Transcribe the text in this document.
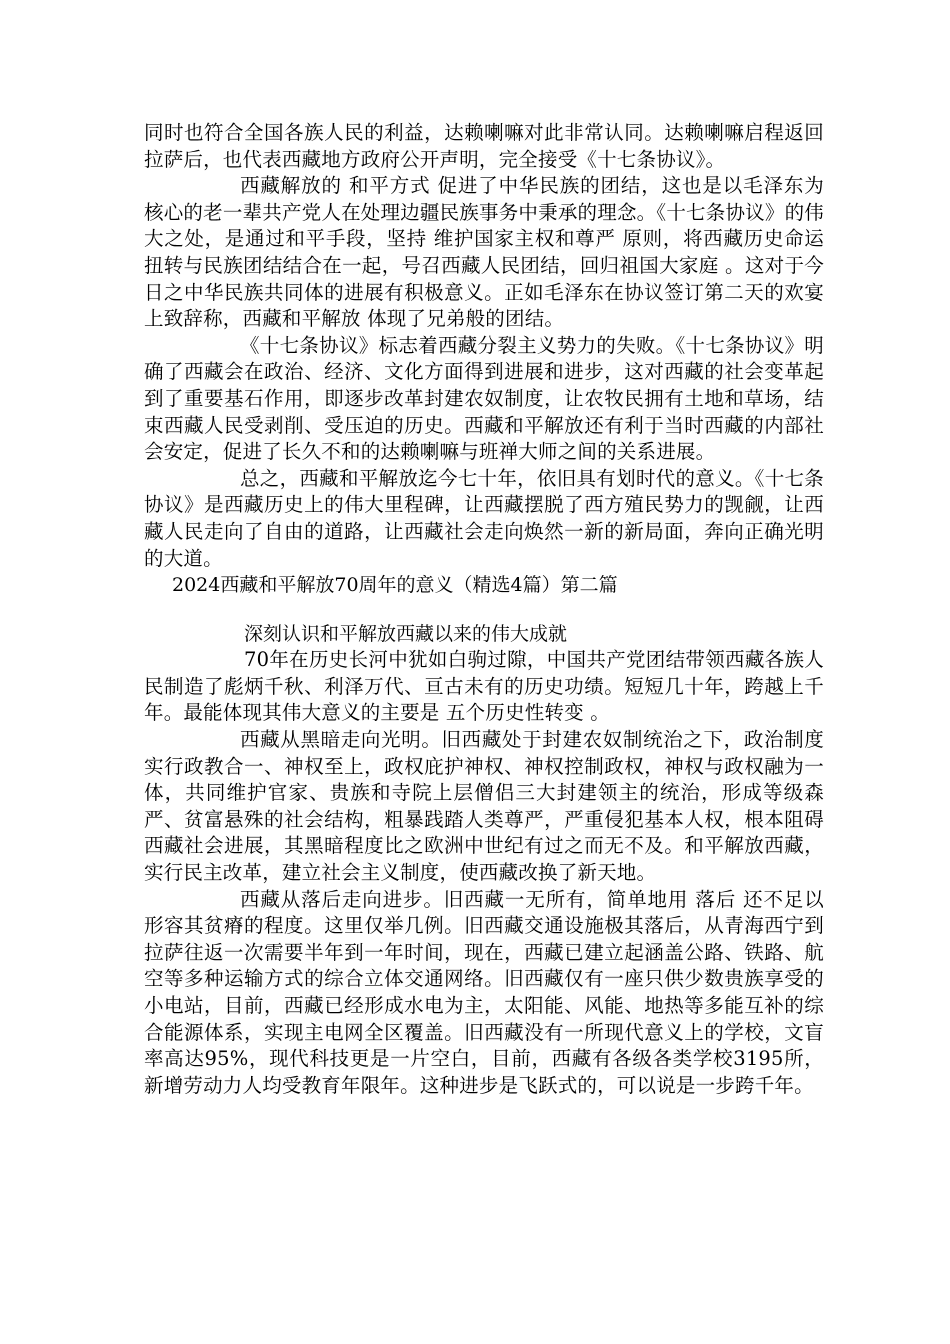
同时也符合全国各族人民的利益，达赖喇嘛对此非常认同。达赖喇嘛启程返回拉萨后，也代表西藏地方政府公开声明，完全接受《十七条协议》。

西藏解放的 和平方式 促进了中华民族的团结，这也是以毛泽东为核心的老一辈共产党人在处理边疆民族事务中秉承的理念。《十七条协议》的伟大之处，是通过和平手段，坚持 维护国家主权和尊严 原则，将西藏历史命运扭转与民族团结结合在一起，号召西藏人民团结，回归祖国大家庭 。这对于今日之中华民族共同体的进展有积极意义。正如毛泽东在协议签订第二天的欢宴上致辞称，西藏和平解放 体现了兄弟般的团结。

《十七条协议》标志着西藏分裂主义势力的失败。《十七条协议》明确了西藏会在政治、经济、文化方面得到进展和进步，这对西藏的社会变革起到了重要基石作用，即逐步改革封建农奴制度，让农牧民拥有土地和草场，结束西藏人民受剥削、受压迫的历史。西藏和平解放还有利于当时西藏的内部社会安定，促进了长久不和的达赖喇嘛与班禅大师之间的关系进展。

总之，西藏和平解放迄今七十年，依旧具有划时代的意义。《十七条协议》是西藏历史上的伟大里程碑，让西藏摆脱了西方殖民势力的觊觎，让西藏人民走向了自由的道路，让西藏社会走向焕然一新的新局面，奔向正确光明的大道。

2024西藏和平解放70周年的意义（精选4篇）第二篇

深刻认识和平解放西藏以来的伟大成就

70年在历史长河中犹如白驹过隙，中国共产党团结带领西藏各族人民制造了彪炳千秋、利泽万代、亘古未有的历史功绩。短短几十年，跨越上千年。最能体现其伟大意义的主要是 五个历史性转变 。

西藏从黑暗走向光明。旧西藏处于封建农奴制统治之下，政治制度实行政教合一、神权至上，政权庇护神权、神权控制政权，神权与政权融为一体，共同维护官家、贵族和寺院上层僧侣三大封建领主的统治，形成等级森严、贫富悬殊的社会结构，粗暴践踏人类尊严，严重侵犯基本人权，根本阻碍西藏社会进展，其黑暗程度比之欧洲中世纪有过之而无不及。和平解放西藏，实行民主改革，建立社会主义制度，使西藏改换了新天地。

西藏从落后走向进步。旧西藏一无所有，简单地用 落后 还不足以形容其贫瘠的程度。这里仅举几例。旧西藏交通设施极其落后，从青海西宁到拉萨往返一次需要半年到一年时间，现在，西藏已建立起涵盖公路、铁路、航空等多种运输方式的综合立体交通网络。旧西藏仅有一座只供少数贵族享受的小电站，目前，西藏已经形成水电为主，太阳能、风能、地热等多能互补的综合能源体系，实现主电网全区覆盖。旧西藏没有一所现代意义上的学校，文盲率高达95%，现代科技更是一片空白，目前，西藏有各级各类学校3195所，新增劳动力人均受教育年限年。这种进步是飞跃式的，可以说是一步跨千年。
